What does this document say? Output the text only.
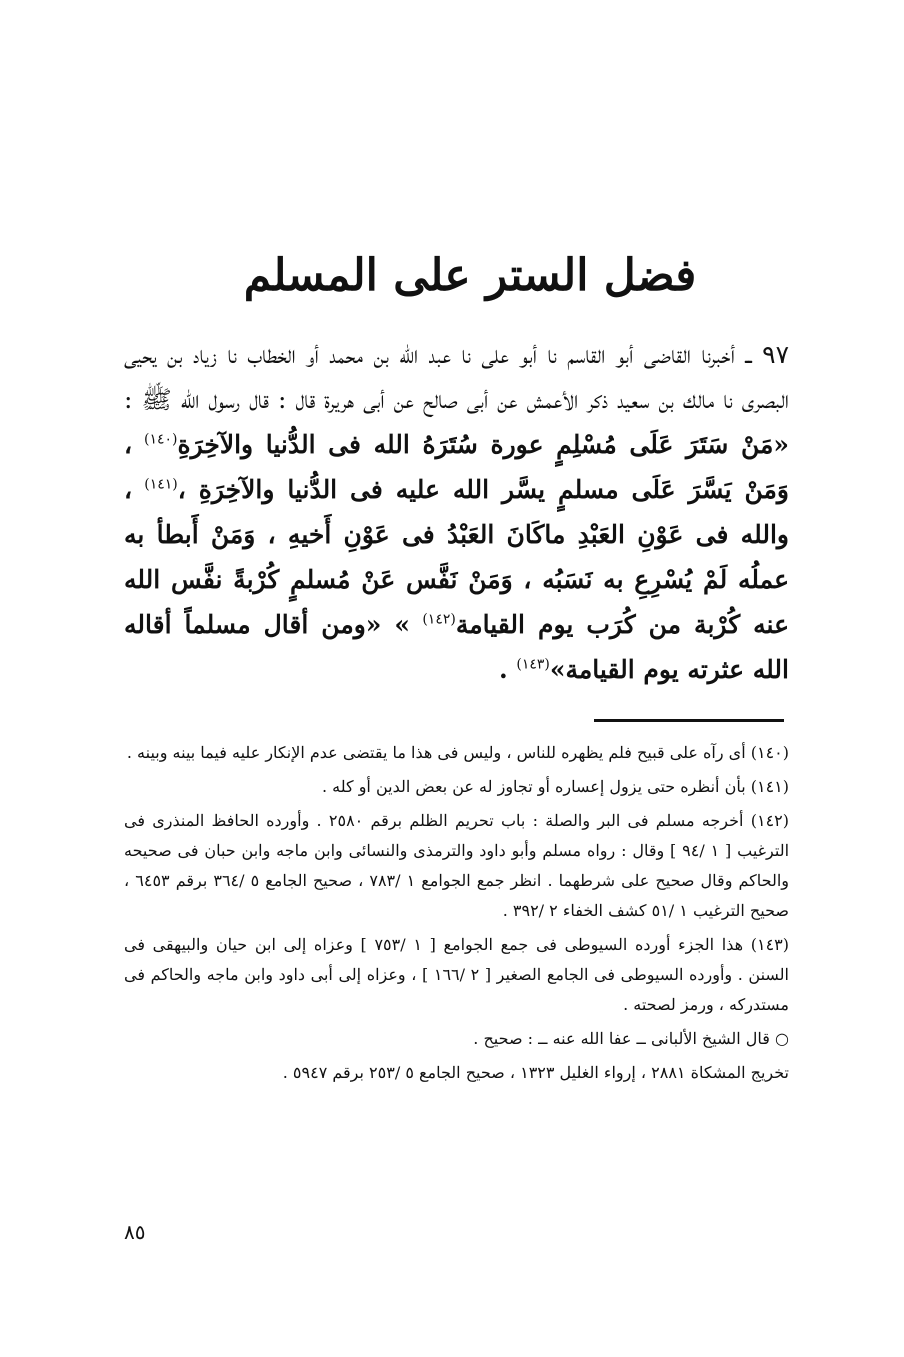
فضل الستر على المسلم

٩٧ ــ أخبرنا القاضى أبو القاسم نا أبو على نا عبد الله بن محمد أو الخطاب نا زياد بن يحيى البصرى نا مالك بن سعيد ذكر الأعمش عن أبى صالح عن أبى هريرة قال : قال رسول الله ﷺ : «مَنْ سَتَرَ عَلَى مُسْلِمٍ عورة سُتَرَهُ الله فى الدُّنيا والآخِرَةِ$^{(١٤٠)}$ ، وَمَنْ يَسَّرَ عَلَى مسلمٍ يسَّر الله عليه فى الدُّنيا والآخِرَةِ ،$^{(١٤١)}$ ، والله فى عَوْنِ العَبْدِ ماكَانَ العَبْدُ فى عَوْنِ أَخيهِ ، وَمَنْ أَبطأ به عملُه لَمْ يُسْرِعِ به نَسَبُه ، وَمَنْ نَفَّس عَنْ مُسلمٍ كُرْبةً نفَّس الله عنه كُرْبة من كُرَب يوم القيامة$^{(١٤٢)}$ » «ومن أقال مسلماً أقاله الله عثرته يوم القيامة»$^{(١٤٣)}$ .

(١٤٠) أى رآه على قبيح فلم يظهره للناس ، وليس فى هذا ما يقتضى عدم الإنكار عليه فيما بينه وبينه .

(١٤١) بأن أنظره حتى يزول إعساره أو تجاوز له عن بعض الدين أو كله .

(١٤٢) أخرجه مسلم فى البر والصلة : باب تحريم الظلم برقم ٢٥٨٠ . وأورده الحافظ المنذرى فى الترغيب [ ١ /٩٤ ] وقال : رواه مسلم وأبو داود والترمذى والنسائى وابن ماجه وابن حبان فى صحيحه والحاكم وقال صحيح على شرطهما . انظر جمع الجوامع ١ /٧٨٣ ، صحيح الجامع ٥ /٣٦٤ برقم ٦٤٥٣ ، صحيح الترغيب ١ /٥١ كشف الخفاء ٢ /٣٩٢ .

(١٤٣) هذا الجزء أورده السيوطى فى جمع الجوامع [ ١ /٧٥٣ ] وعزاه إلى ابن حيان والبيهقى فى السنن . وأورده السيوطى فى الجامع الصغير [ ٢ /١٦٦ ] ، وعزاه إلى أبى داود وابن ماجه والحاكم فى مستدركه ، ورمز لصحته .

○ قال الشيخ الألبانى ــ عفا الله عنه ــ : صحيح .

تخريج المشكاة ٢٨٨١ ، إرواء الغليل ١٣٢٣ ، صحيح الجامع ٥ /٢٥٣ برقم ٥٩٤٧ .

٨٥
